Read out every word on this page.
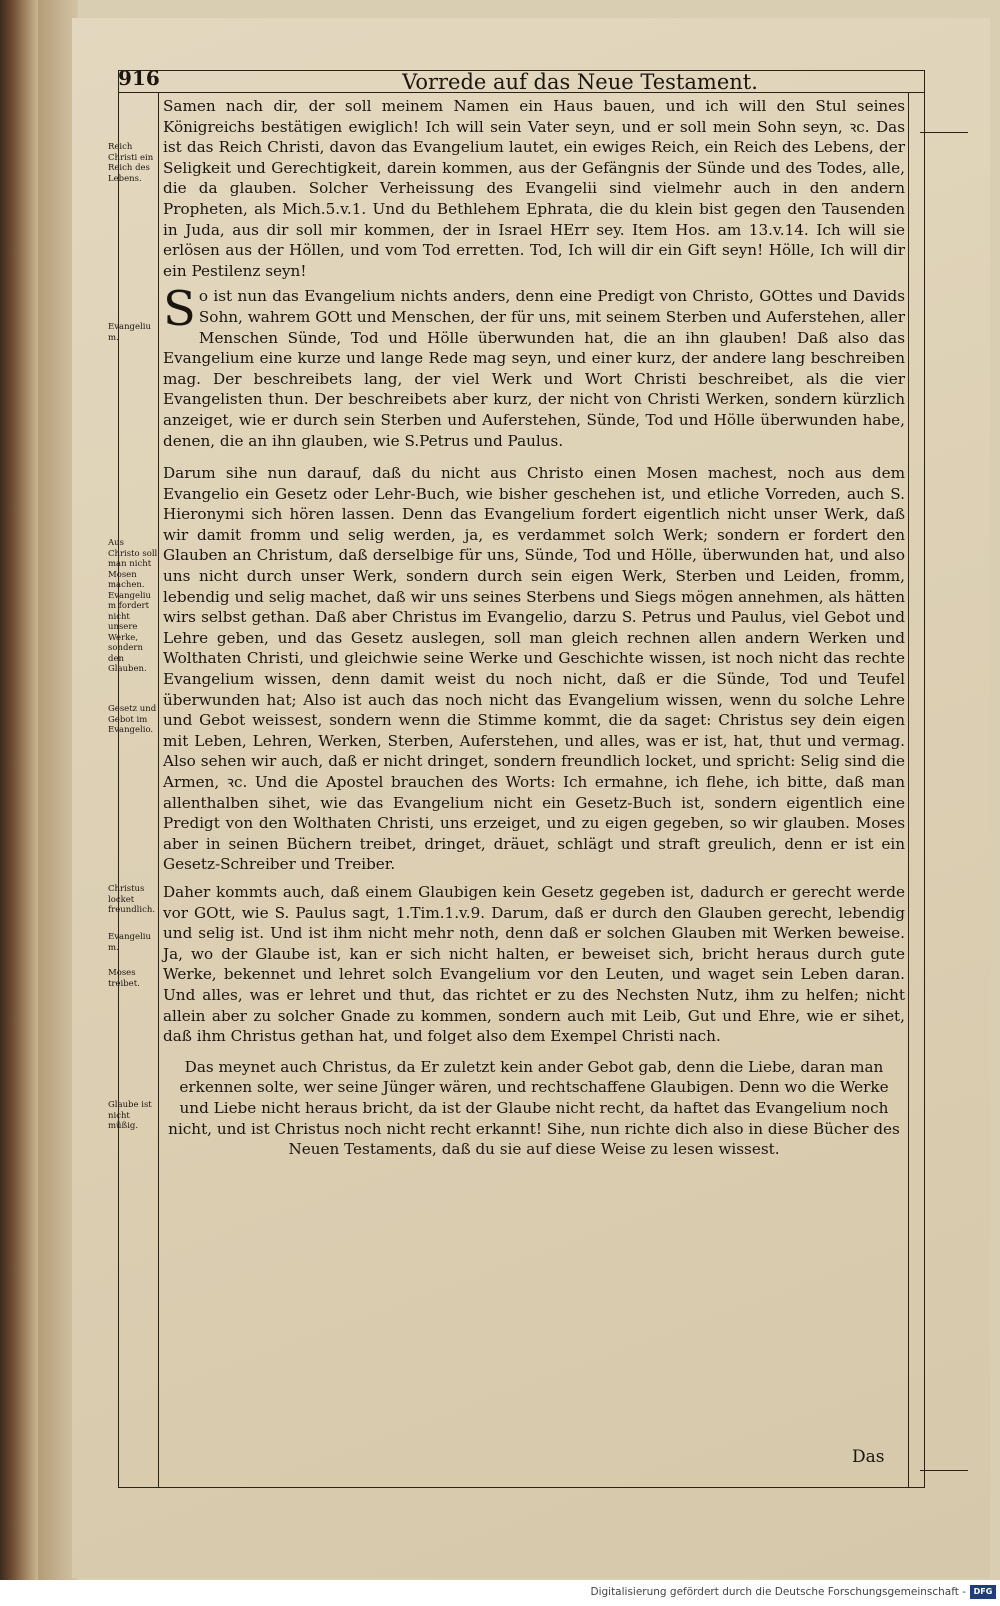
916	Vorrede auf das Neue Testament.
Reich Christi ein Reich des Lebens.
Evangelium.
Aus Christo soll man nicht Mosen machen. Evangelium fordert nicht unsere Werke, sondern den Glauben.
Gesetz und Gebot im Evangelio.
Christus locket freundlich.
Evangelium.
Moses treibet.
Glaube ist nicht müßig.

Samen nach dir, der soll meinem Namen ein Haus bauen, und ich will den Stul seines Königreichs bestätigen ewiglich! Ich will sein Vater seyn, und er soll mein Sohn seyn, ꝛc. Das ist das Reich Christi, davon das Evangelium lautet, ein ewiges Reich, ein Reich des Lebens, der Seligkeit und Gerechtigkeit, darein kommen, aus der Gefängnis der Sünde und des Todes, alle, die da glauben. Solcher Verheissung des Evangelii sind vielmehr auch in den andern Propheten, als Mich.5.v.1. Und du Bethlehem Ephrata, die du klein bist gegen den Tausenden in Juda, aus dir soll mir kommen, der in Israel HErr sey. Item Hos. am 13.v.14. Ich will sie erlösen aus der Höllen, und vom Tod erretten. Tod, Ich will dir ein Gift seyn! Hölle, Ich will dir ein Pestilenz seyn!

So ist nun das Evangelium nichts anders, denn eine Predigt von Christo, GOttes und Davids Sohn, wahrem GOtt und Menschen, der für uns, mit seinem Sterben und Auferstehen, aller Menschen Sünde, Tod und Hölle überwunden hat, die an ihn glauben! Daß also das Evangelium eine kurze und lange Rede mag seyn, und einer kurz, der andere lang beschreiben mag. Der beschreibets lang, der viel Werk und Wort Christi beschreibet, als die vier Evangelisten thun. Der beschreibets aber kurz, der nicht von Christi Werken, sondern kürzlich anzeiget, wie er durch sein Sterben und Auferstehen, Sünde, Tod und Hölle überwunden habe, denen, die an ihn glauben, wie S.Petrus und Paulus.

Darum sihe nun darauf, daß du nicht aus Christo einen Mosen machest, noch aus dem Evangelio ein Gesetz oder Lehr-Buch, wie bisher geschehen ist, und etliche Vorreden, auch S. Hieronymi sich hören lassen. Denn das Evangelium fordert eigentlich nicht unser Werk, daß wir damit fromm und selig werden, ja, es verdammet solch Werk; sondern er fordert den Glauben an Christum, daß derselbige für uns, Sünde, Tod und Hölle, überwunden hat, und also uns nicht durch unser Werk, sondern durch sein eigen Werk, Sterben und Leiden, fromm, lebendig und selig machet, daß wir uns seines Sterbens und Siegs mögen annehmen, als hätten wirs selbst gethan. Daß aber Christus im Evangelio, darzu S. Petrus und Paulus, viel Gebot und Lehre geben, und das Gesetz auslegen, soll man gleich rechnen allen andern Werken und Wolthaten Christi, und gleichwie seine Werke und Geschichte wissen, ist noch nicht das rechte Evangelium wissen, denn damit weist du noch nicht, daß er die Sünde, Tod und Teufel überwunden hat; Also ist auch das noch nicht das Evangelium wissen, wenn du solche Lehre und Gebot weissest, sondern wenn die Stimme kommt, die da saget: Christus sey dein eigen mit Leben, Lehren, Werken, Sterben, Auferstehen, und alles, was er ist, hat, thut und vermag. Also sehen wir auch, daß er nicht dringet, sondern freundlich locket, und spricht: Selig sind die Armen, ꝛc. Und die Apostel brauchen des Worts: Ich ermahne, ich flehe, ich bitte, daß man allenthalben sihet, wie das Evangelium nicht ein Gesetz-Buch ist, sondern eigentlich eine Predigt von den Wolthaten Christi, uns erzeiget, und zu eigen gegeben, so wir glauben. Moses aber in seinen Büchern treibet, dringet, dräuet, schlägt und straft greulich, denn er ist ein Gesetz-Schreiber und Treiber.

Daher kommts auch, daß einem Glaubigen kein Gesetz gegeben ist, dadurch er gerecht werde vor GOtt, wie S. Paulus sagt, 1.Tim.1.v.9. Darum, daß er durch den Glauben gerecht, lebendig und selig ist. Und ist ihm nicht mehr noth, denn daß er solchen Glauben mit Werken beweise. Ja, wo der Glaube ist, kan er sich nicht halten, er beweiset sich, bricht heraus durch gute Werke, bekennet und lehret solch Evangelium vor den Leuten, und waget sein Leben daran. Und alles, was er lehret und thut, das richtet er zu des Nechsten Nutz, ihm zu helfen; nicht allein aber zu solcher Gnade zu kommen, sondern auch mit Leib, Gut und Ehre, wie er sihet, daß ihm Christus gethan hat, und folget also dem Exempel Christi nach.

Das meynet auch Christus, da Er zuletzt kein ander Gebot gab, denn die Liebe, daran man erkennen solte, wer seine Jünger wären, und rechtschaffene Glaubigen. Denn wo die Werke und Liebe nicht heraus bricht, da ist der Glaube nicht recht, da haftet das Evangelium noch nicht, und ist Christus noch nicht recht erkannt! Sihe, nun richte dich also in diese Bücher des Neuen Testaments, daß du sie auf diese Weise zu lesen wissest.

Das
Digitalisierung gefördert durch die Deutsche Forschungsgemeinschaft - DFG
